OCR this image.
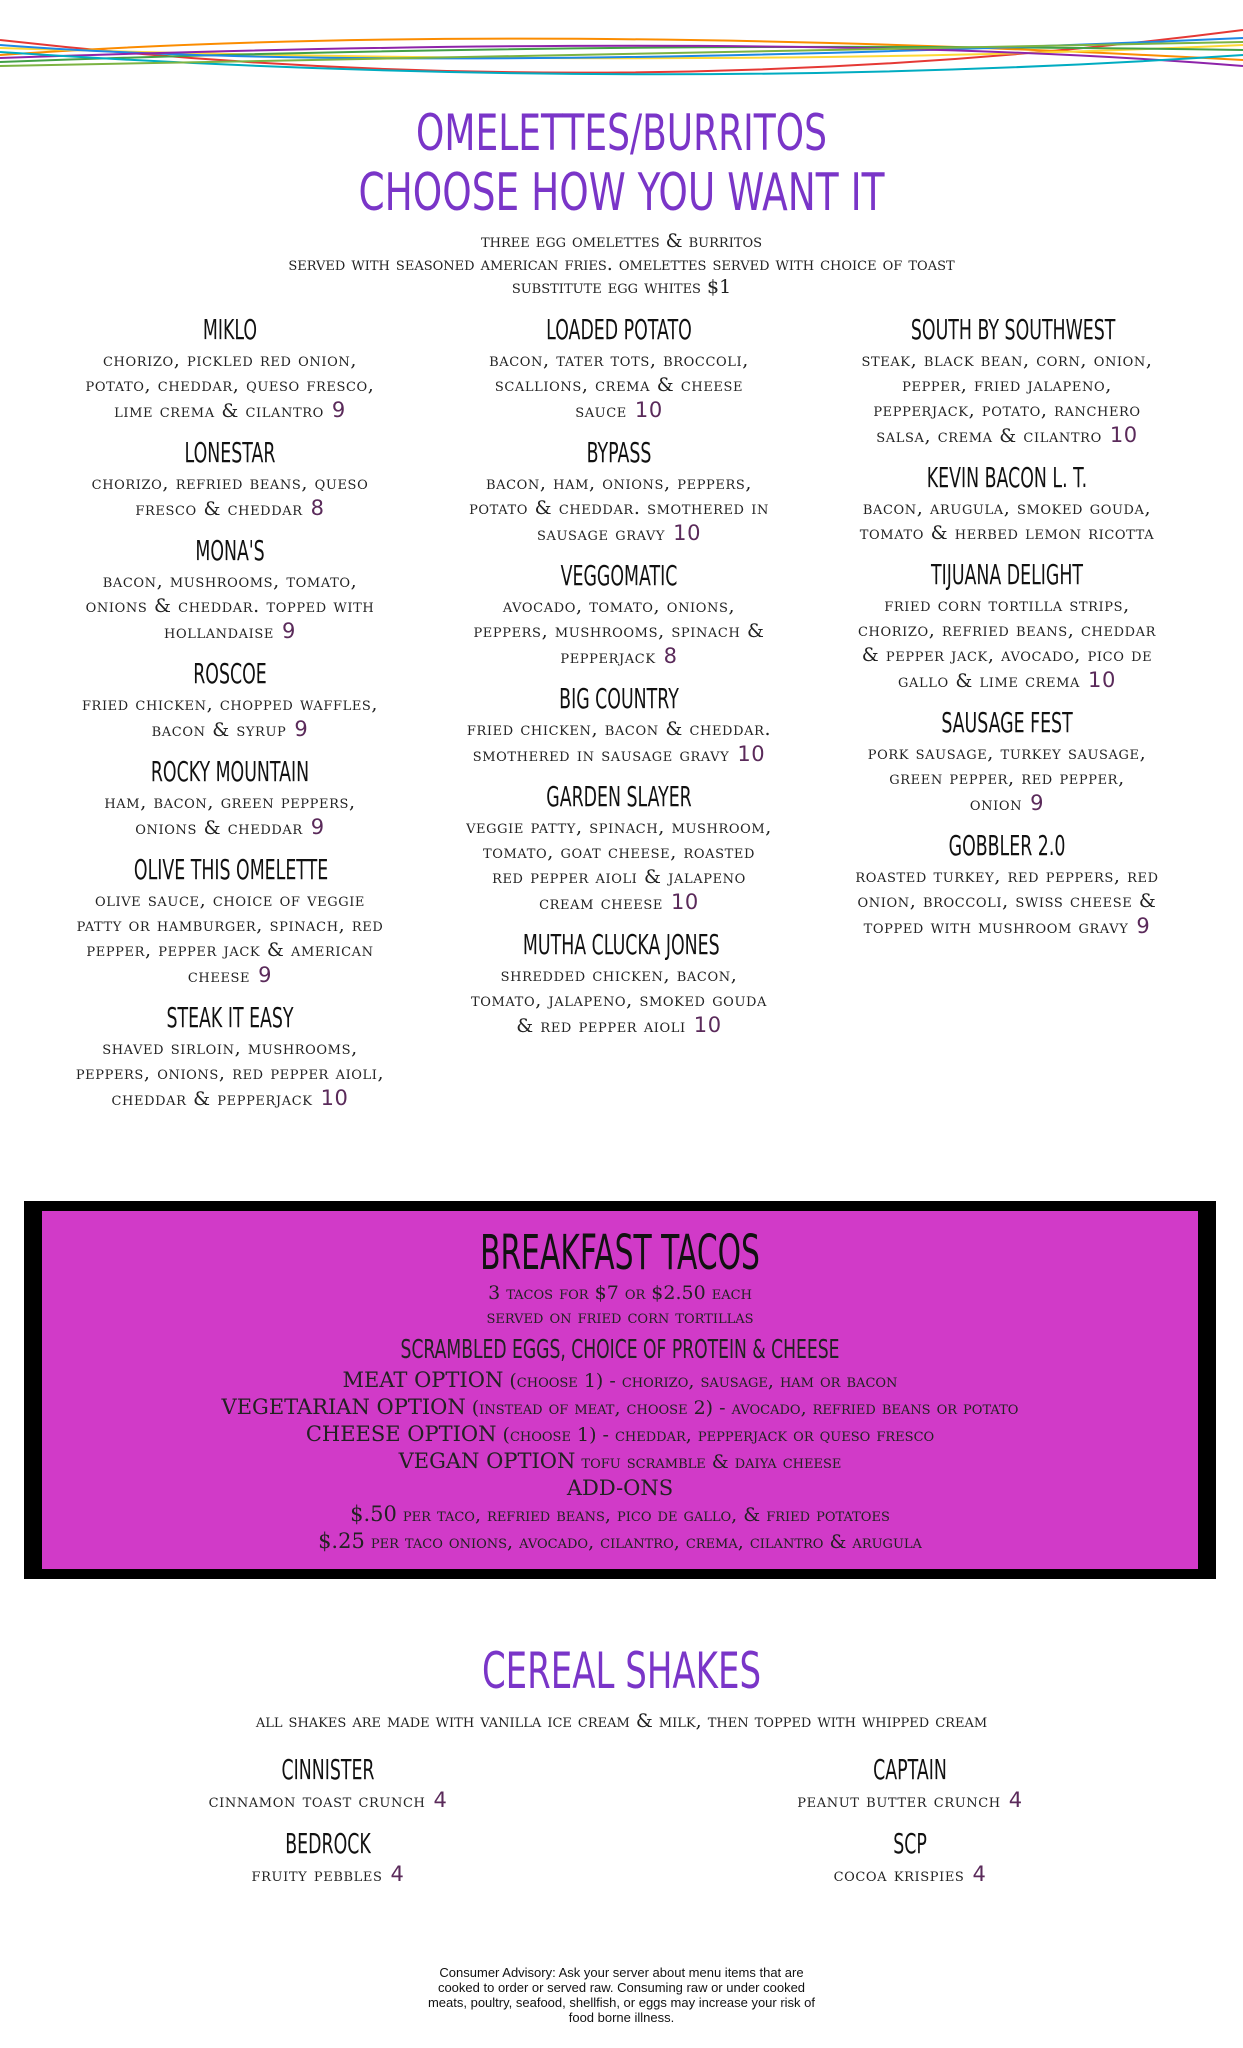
OMELETTES/BURRITOS
CHOOSE HOW YOU WANT IT
three egg omelettes & burritos
served with seasoned american fries. omelettes served with choice of toast
substitute egg whites $1
MIKLO
chorizo, pickled red onion, potato, cheddar, queso fresco, lime crema & cilantro 9
LONESTAR
chorizo, refried beans, queso fresco & cheddar 8
MONA'S
bacon, mushrooms, tomato, onions & cheddar. topped with hollandaise 9
ROSCOE
fried chicken, chopped waffles, bacon & syrup 9
ROCKY MOUNTAIN
ham, bacon, green peppers, onions & cheddar 9
OLIVE THIS OMELETTE
olive sauce, choice of veggie patty or hamburger, spinach, red pepper, pepper jack & american cheese 9
STEAK IT EASY
shaved sirloin, mushrooms, peppers, onions, red pepper aioli, cheddar & pepperjack 10
LOADED POTATO
bacon, tater tots, broccoli, scallions, crema & cheese sauce 10
BYPASS
bacon, ham, onions, peppers, potato & cheddar. smothered in sausage gravy 10
VEGGOMATIC
avocado, tomato, onions, peppers, mushrooms, spinach & pepperjack 8
BIG COUNTRY
fried chicken, bacon & cheddar. smothered in sausage gravy 10
GARDEN SLAYER
veggie patty, spinach, mushroom, tomato, goat cheese, roasted red pepper aioli & jalapeno cream cheese 10
MUTHA CLUCKA JONES
shredded chicken, bacon, tomato, jalapeno, smoked gouda & red pepper aioli 10
SOUTH BY SOUTHWEST
steak, black bean, corn, onion, pepper, fried jalapeno, pepperjack, potato, ranchero salsa, crema & cilantro 10
KEVIN BACON L. T.
bacon, arugula, smoked gouda, tomato & herbed lemon ricotta
TIJUANA DELIGHT
fried corn tortilla strips, chorizo, refried beans, cheddar & pepper jack, avocado, pico de gallo & lime crema 10
SAUSAGE FEST
pork sausage, turkey sausage, green pepper, red pepper, onion 9
GOBBLER 2.0
roasted turkey, red peppers, red onion, broccoli, swiss cheese & topped with mushroom gravy 9
BREAKFAST TACOS
3 tacos for $7 or $2.50 each
served on fried corn tortillas
SCRAMBLED EGGS, CHOICE OF PROTEIN & CHEESE
MEAT OPTION (choose 1) - chorizo, sausage, ham or bacon
VEGETARIAN OPTION (instead of meat, choose 2) - avocado, refried beans or potato
CHEESE OPTION (choose 1) - cheddar, pepperjack or queso fresco
VEGAN OPTION tofu scramble & daiya cheese
ADD-ONS
$.50 per taco, refried beans, pico de gallo, & fried potatoes
$.25 per taco onions, avocado, cilantro, crema, cilantro & arugula
CEREAL SHAKES
all shakes are made with vanilla ice cream & milk, then topped with whipped cream
CINNISTER
cinnamon toast crunch 4
CAPTAIN
peanut butter crunch 4
BEDROCK
fruity pebbles 4
SCP
cocoa krispies 4
Consumer Advisory: Ask your server about menu items that are
cooked to order or served raw. Consuming raw or under cooked
meats, poultry, seafood, shellfish, or eggs may increase your risk of
food borne illness.
